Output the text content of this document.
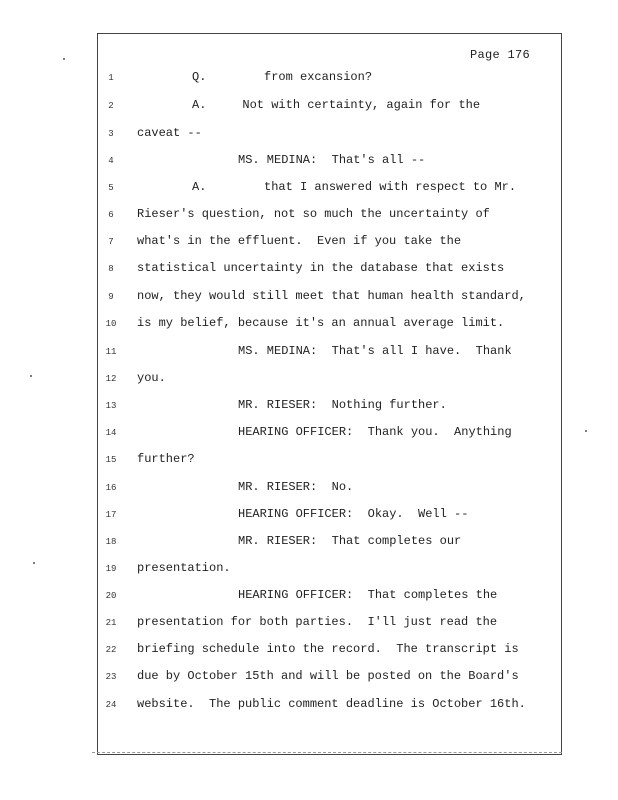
Page 176
1	Q.        from excansion?
2	A.     Not with certainty, again for the
3	caveat --
4	MS. MEDINA:  That's all --
5	A.        that I answered with respect to Mr.
6	Rieser's question, not so much the uncertainty of
7	what's in the effluent.  Even if you take the
8	statistical uncertainty in the database that exists
9	now, they would still meet that human health standard,
10	is my belief, because it's an annual average limit.
11	MS. MEDINA:  That's all I have.  Thank
12	you.
13	MR. RIESER:  Nothing further.
14	HEARING OFFICER:  Thank you.  Anything
15	further?
16	MR. RIESER:  No.
17	HEARING OFFICER:  Okay.  Well --
18	MR. RIESER:  That completes our
19	presentation.
20	HEARING OFFICER:  That completes the
21	presentation for both parties.  I'll just read the
22	briefing schedule into the record.  The transcript is
23	due by October 15th and will be posted on the Board's
24	website.  The public comment deadline is October 16th.
